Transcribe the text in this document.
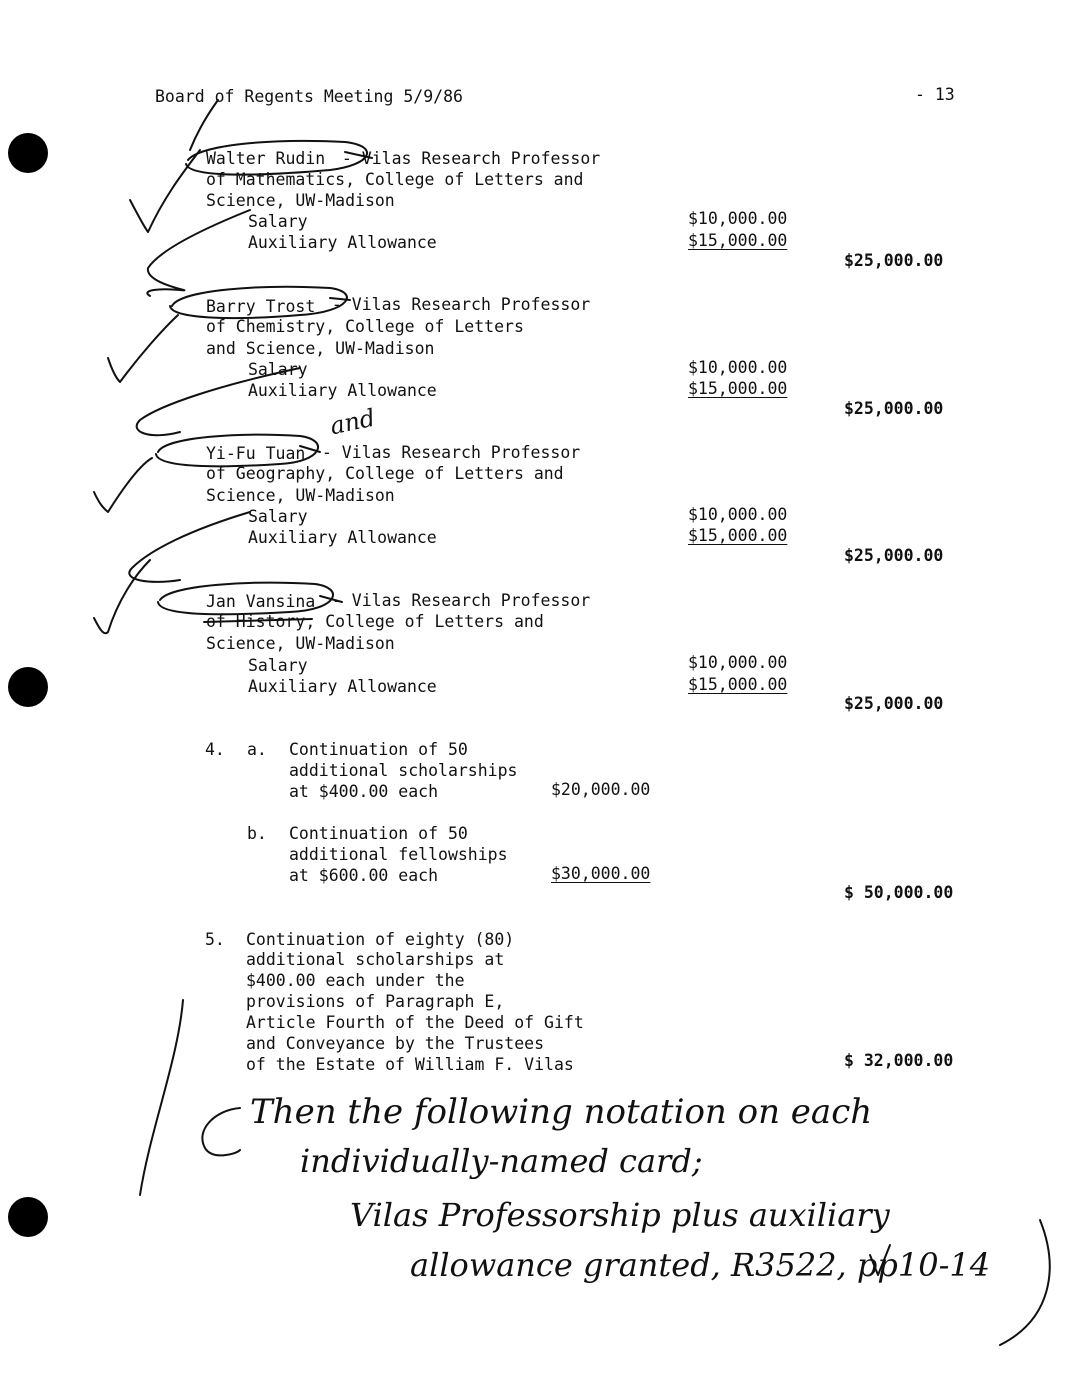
Board of Regents Meeting 5/9/86	- 13
Walter Rudin - Vilas Research Professor
of Mathematics, College of Letters and
Science, UW-Madison
Salary	$10,000.00
Auxiliary Allowance	$15,000.00
$25,000.00
Barry Trost - Vilas Research Professor
of Chemistry, College of Letters
and Science, UW-Madison
Salary	$10,000.00
Auxiliary Allowance	$15,000.00
$25,000.00
Yi-Fu Tuan - Vilas Research Professor
of Geography, College of Letters and
Science, UW-Madison
Salary	$10,000.00
Auxiliary Allowance	$15,000.00
$25,000.00
Jan Vansina - Vilas Research Professor
of History, College of Letters and
Science, UW-Madison
Salary	$10,000.00
Auxiliary Allowance	$15,000.00
$25,000.00
4. a. Continuation of 50
additional scholarships
at $400.00 each	$20,000.00
b. Continuation of 50
additional fellowships
at $600.00 each	$30,000.00
$ 50,000.00
5. Continuation of eighty (80)
additional scholarships at
$400.00 each under the
provisions of Paragraph E,
Article Fourth of the Deed of Gift
and Conveyance by the Trustees
of the Estate of William F. Vilas	$ 32,000.00
and
Then the following notation on each
individually-named card;
Vilas Professorship plus auxiliary
allowance granted, R3522, pp10-14
